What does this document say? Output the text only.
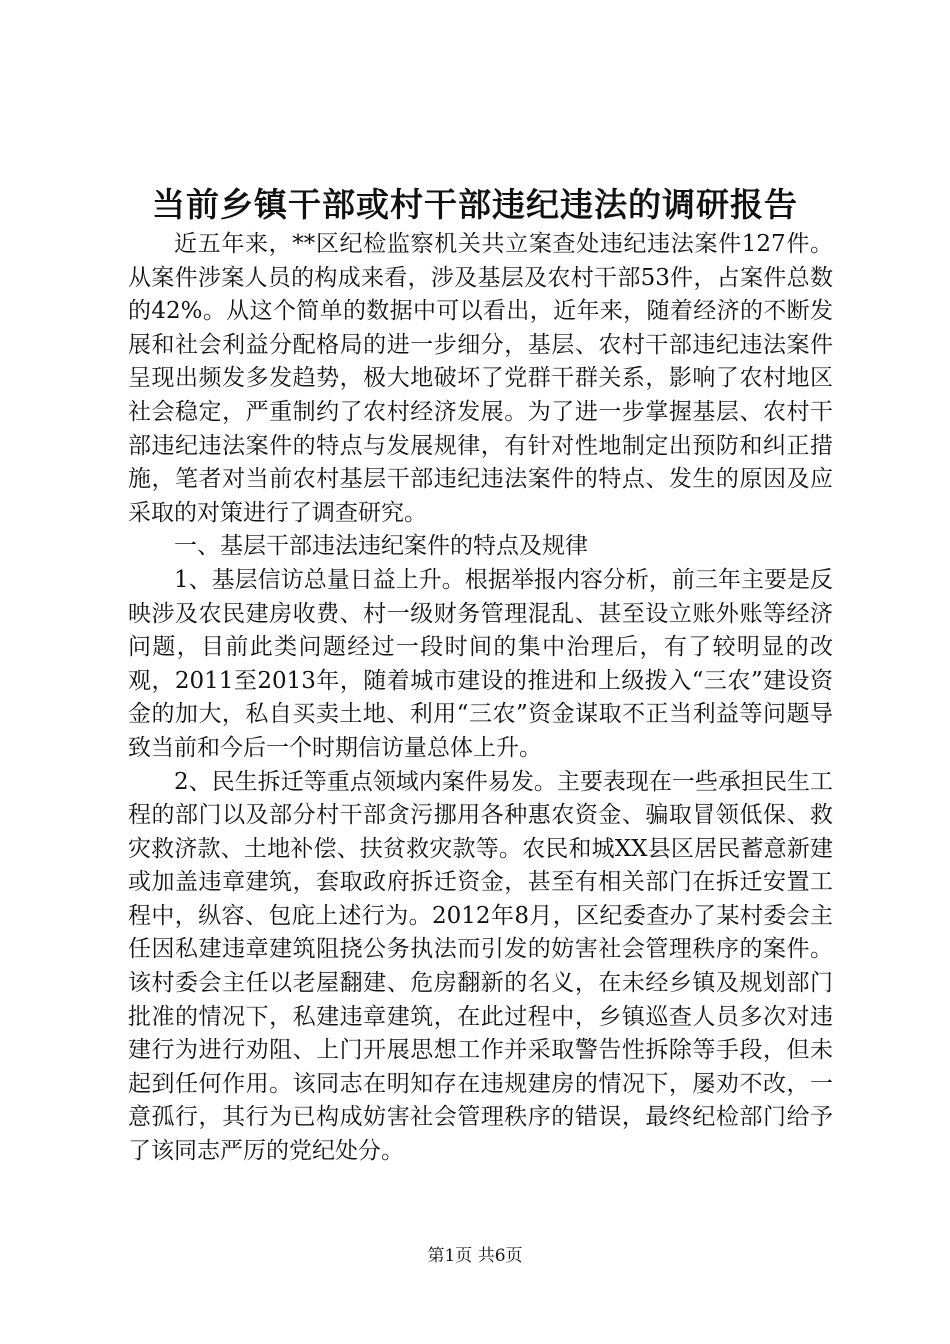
当前乡镇干部或村干部违纪违法的调研报告

近五年来，**区纪检监察机关共立案查处违纪违法案件127件。从案件涉案人员的构成来看，涉及基层及农村干部53件，占案件总数的42%。从这个简单的数据中可以看出，近年来，随着经济的不断发展和社会利益分配格局的进一步细分，基层、农村干部违纪违法案件呈现出频发多发趋势，极大地破坏了党群干群关系，影响了农村地区社会稳定，严重制约了农村经济发展。为了进一步掌握基层、农村干部违纪违法案件的特点与发展规律，有针对性地制定出预防和纠正措施，笔者对当前农村基层干部违纪违法案件的特点、发生的原因及应采取的对策进行了调查研究。

一、基层干部违法违纪案件的特点及规律

1、基层信访总量日益上升。根据举报内容分析，前三年主要是反映涉及农民建房收费、村一级财务管理混乱、甚至设立账外账等经济问题，目前此类问题经过一段时间的集中治理后，有了较明显的改观，2011至2013年，随着城市建设的推进和上级拨入“三农”建设资金的加大，私自买卖土地、利用“三农”资金谋取不正当利益等问题导致当前和今后一个时期信访量总体上升。

2、民生拆迁等重点领域内案件易发。主要表现在一些承担民生工程的部门以及部分村干部贪污挪用各种惠农资金、骗取冒领低保、救灾救济款、土地补偿、扶贫救灾款等。农民和城XX县区居民蓄意新建或加盖违章建筑，套取政府拆迁资金，甚至有相关部门在拆迁安置工程中，纵容、包庇上述行为。2012年8月，区纪委查办了某村委会主任因私建违章建筑阻挠公务执法而引发的妨害社会管理秩序的案件。该村委会主任以老屋翻建、危房翻新的名义，在未经乡镇及规划部门批准的情况下，私建违章建筑，在此过程中，乡镇巡查人员多次对违建行为进行劝阻、上门开展思想工作并采取警告性拆除等手段，但未起到任何作用。该同志在明知存在违规建房的情况下，屡劝不改，一意孤行，其行为已构成妨害社会管理秩序的错误，最终纪检部门给予了该同志严厉的党纪处分。

第1页 共6页
